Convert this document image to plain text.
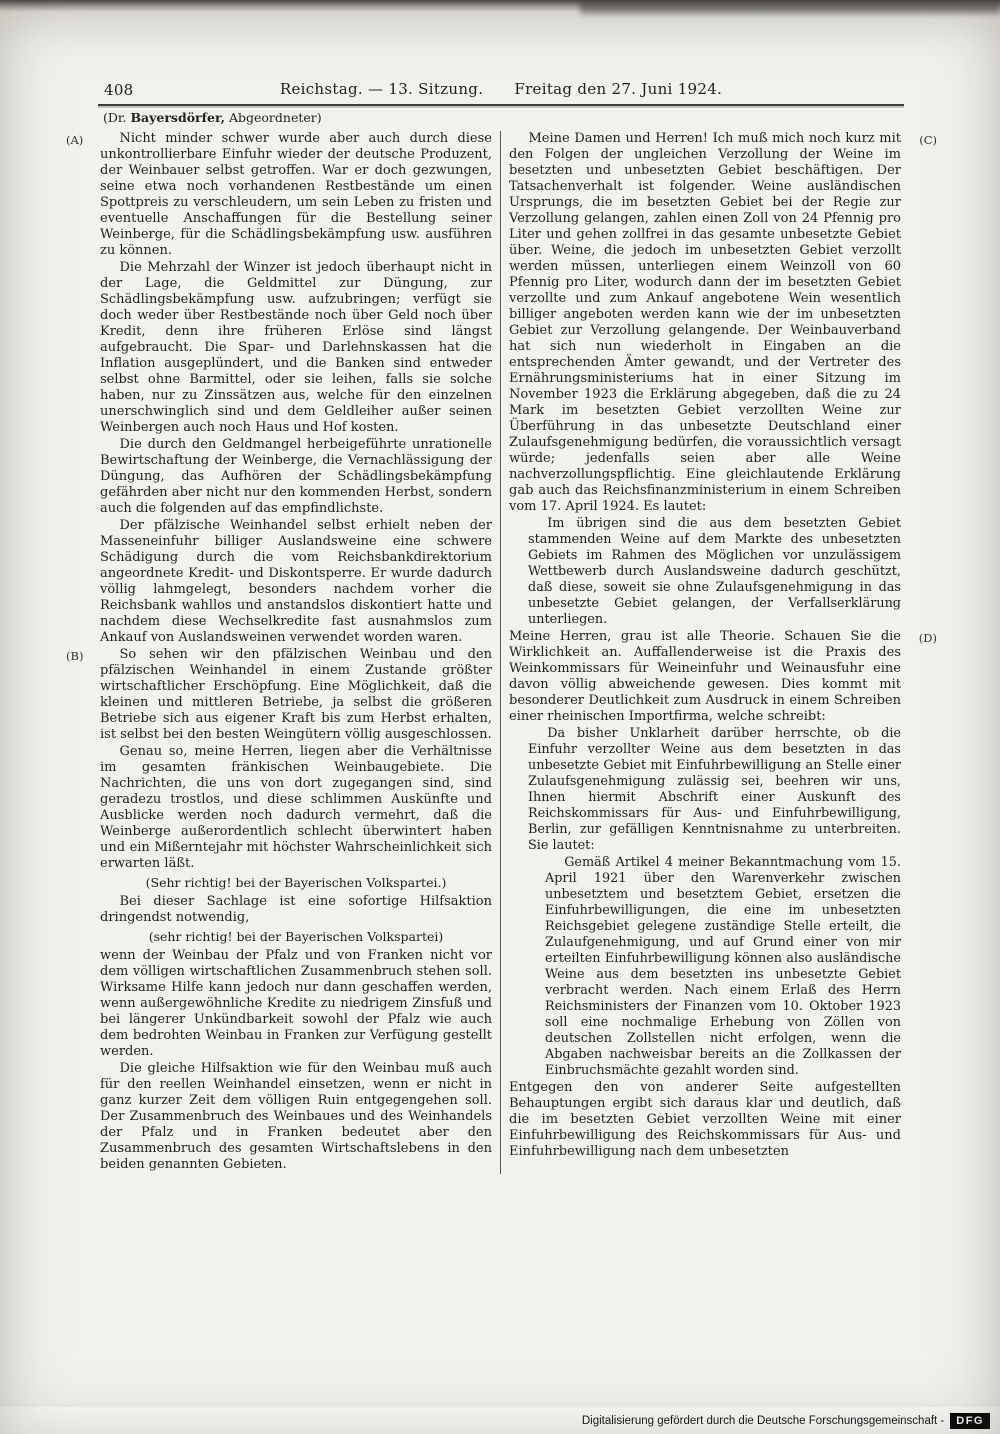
408	Reichstag. — 13. Sitzung. Freitag den 27. Juni 1924.
(Dr. Bayersdörfer, Abgeordneter)

Nicht minder schwer wurde aber auch durch diese unkontrollierbare Einfuhr wieder der deutsche Produzent, der Weinbauer selbst getroffen. War er doch gezwungen, seine etwa noch vorhandenen Restbestände um einen Spottpreis zu verschleudern, um sein Leben zu fristen und eventuelle Anschaffungen für die Bestellung seiner Weinberge, für die Schädlingsbekämpfung usw. ausführen zu können.
(A)

Die Mehrzahl der Winzer ist jedoch überhaupt nicht in der Lage, die Geldmittel zur Düngung, zur Schädlingsbekämpfung usw. aufzubringen; verfügt sie doch weder über Restbestände noch über Geld noch über Kredit, denn ihre früheren Erlöse sind längst aufgebraucht. Die Spar- und Darlehnskassen hat die Inflation ausgeplündert, und die Banken sind entweder selbst ohne Barmittel, oder sie leihen, falls sie solche haben, nur zu Zinssätzen aus, welche für den einzelnen unerschwinglich sind und dem Geldleiher außer seinen Weinbergen auch noch Haus und Hof kosten.

Die durch den Geldmangel herbeigeführte unrationelle Bewirtschaftung der Weinberge, die Vernachlässigung der Düngung, das Aufhören der Schädlingsbekämpfung gefährden aber nicht nur den kommenden Herbst, sondern auch die folgenden auf das empfindlichste.

Der pfälzische Weinhandel selbst erhielt neben der Masseneinfuhr billiger Auslandsweine eine schwere Schädigung durch die vom Reichsbankdirektorium angeordnete Kredit- und Diskontsperre. Er wurde dadurch völlig lahmgelegt, besonders nachdem vorher die Reichsbank wahllos und anstandslos diskontiert hatte und nachdem diese Wechselkredite fast ausnahmslos zum Ankauf von Auslandsweinen verwendet worden waren.

So sehen wir den pfälzischen Weinbau und den pfälzischen Weinhandel in einem Zustande größter wirtschaftlicher Erschöpfung. Eine Möglichkeit, daß die kleinen und mittleren Betriebe, ja selbst die größeren Betriebe sich aus eigener Kraft bis zum Herbst erhalten, ist selbst bei den besten Weingütern völlig ausgeschlossen.
(B)

Genau so, meine Herren, liegen aber die Verhältnisse im gesamten fränkischen Weinbaugebiete. Die Nachrichten, die uns von dort zugegangen sind, sind geradezu trostlos, und diese schlimmen Auskünfte und Ausblicke werden noch dadurch vermehrt, daß die Weinberge außerordentlich schlecht überwintert haben und ein Mißerntejahr mit höchster Wahrscheinlichkeit sich erwarten läßt.

(Sehr richtig! bei der Bayerischen Volkspartei.)

Bei dieser Sachlage ist eine sofortige Hilfsaktion dringendst notwendig,

(sehr richtig! bei der Bayerischen Volkspartei)

wenn der Weinbau der Pfalz und von Franken nicht vor dem völligen wirtschaftlichen Zusammenbruch stehen soll. Wirksame Hilfe kann jedoch nur dann geschaffen werden, wenn außergewöhnliche Kredite zu niedrigem Zinsfuß und bei längerer Unkündbarkeit sowohl der Pfalz wie auch dem bedrohten Weinbau in Franken zur Verfügung gestellt werden.

Die gleiche Hilfsaktion wie für den Weinbau muß auch für den reellen Weinhandel einsetzen, wenn er nicht in ganz kurzer Zeit dem völligen Ruin entgegengehen soll. Der Zusammenbruch des Weinbaues und des Weinhandels der Pfalz und in Franken bedeutet aber den Zusammenbruch des gesamten Wirtschaftslebens in den beiden genannten Gebieten.

Meine Damen und Herren! Ich muß mich noch kurz mit den Folgen der ungleichen Verzollung der Weine im besetzten und unbesetzten Gebiet beschäftigen. Der Tatsachenverhalt ist folgender. Weine ausländischen Ursprungs, die im besetzten Gebiet bei der Regie zur Verzollung gelangen, zahlen einen Zoll von 24 Pfennig pro Liter und gehen zollfrei in das gesamte unbesetzte Gebiet über. Weine, die jedoch im unbesetzten Gebiet verzollt werden müssen, unterliegen einem Weinzoll von 60 Pfennig pro Liter, wodurch dann der im besetzten Gebiet verzollte und zum Ankauf angebotene Wein wesentlich billiger angeboten werden kann wie der im unbesetzten Gebiet zur Verzollung gelangende. Der Weinbauverband hat sich nun wiederholt in Eingaben an die entsprechenden Ämter gewandt, und der Vertreter des Ernährungsministeriums hat in einer Sitzung im November 1923 die Erklärung abgegeben, daß die zu 24 Mark im besetzten Gebiet verzollten Weine zur Überführung in das unbesetzte Deutschland einer Zulaufsgenehmigung bedürfen, die voraussichtlich versagt würde; jedenfalls seien aber alle Weine nachverzollungspflichtig. Eine gleichlautende Erklärung gab auch das Reichsfinanzministerium in einem Schreiben vom 17. April 1924. Es lautet:
(C)

Im übrigen sind die aus dem besetzten Gebiet stammenden Weine auf dem Markte des unbesetzten Gebiets im Rahmen des Möglichen vor unzulässigem Wettbewerb durch Auslandsweine dadurch geschützt, daß diese, soweit sie ohne Zulaufsgenehmigung in das unbesetzte Gebiet gelangen, der Verfallserklärung unterliegen.

Meine Herren, grau ist alle Theorie. Schauen Sie die Wirklichkeit an. Auffallenderweise ist die Praxis des Weinkommissars für Weineinfuhr und Weinausfuhr eine davon völlig abweichende gewesen. Dies kommt mit besonderer Deutlichkeit zum Ausdruck in einem Schreiben einer rheinischen Importfirma, welche schreibt:
(D)

Da bisher Unklarheit darüber herrschte, ob die Einfuhr verzollter Weine aus dem besetzten in das unbesetzte Gebiet mit Einfuhrbewilligung an Stelle einer Zulaufsgenehmigung zulässig sei, beehren wir uns, Ihnen hiermit Abschrift einer Auskunft des Reichskommissars für Aus- und Einfuhrbewilligung, Berlin, zur gefälligen Kenntnisnahme zu unterbreiten. Sie lautet:

Gemäß Artikel 4 meiner Bekanntmachung vom 15. April 1921 über den Warenverkehr zwischen unbesetztem und besetztem Gebiet, ersetzen die Einfuhrbewilligungen, die eine im unbesetzten Reichsgebiet gelegene zuständige Stelle erteilt, die Zulaufgenehmigung, und auf Grund einer von mir erteilten Einfuhrbewilligung können also ausländische Weine aus dem besetzten ins unbesetzte Gebiet verbracht werden. Nach einem Erlaß des Herrn Reichsministers der Finanzen vom 10. Oktober 1923 soll eine nochmalige Erhebung von Zöllen von deutschen Zollstellen nicht erfolgen, wenn die Abgaben nachweisbar bereits an die Zollkassen der Einbruchsmächte gezahlt worden sind.

Entgegen den von anderer Seite aufgestellten Behauptungen ergibt sich daraus klar und deutlich, daß die im besetzten Gebiet verzollten Weine mit einer Einfuhrbewilligung des Reichskommissars für Aus- und Einfuhrbewilligung nach dem unbesetzten

Digitalisierung gefördert durch die Deutsche Forschungsgemeinschaft -	DFG
